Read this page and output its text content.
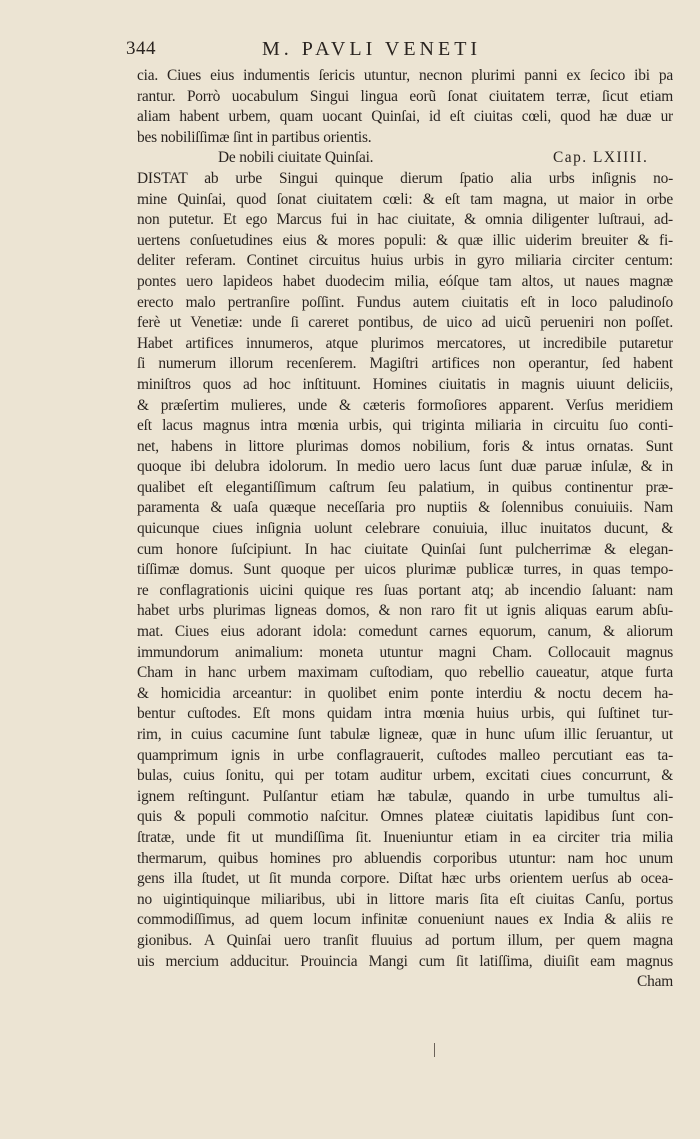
344	M. PAVLI VENETI
cia. Ciues eius indumentis ſericis utuntur, necnon plurimi panni ex ſecico ibi pa
rantur. Porrò uocabulum Singui lingua eorũ ſonat ciuitatem terræ, ſicut etiam
aliam habent urbem, quam uocant Quinſai, id eſt ciuitas cœli, quod hæ duæ ur
bes nobiliſſimæ ſint in partibus orientis.
De nobili ciuitate Quinſai.	Cap. LXIIII.
DISTAT ab urbe Singui quinque dierum ſpatio alia urbs inſignis no-
mine Quinſai, quod ſonat ciuitatem cœli: & eſt tam magna, ut maior in orbe
non putetur. Et ego Marcus fui in hac ciuitate, & omnia diligenter luſtraui, ad-
uertens conſuetudines eius & mores populi: & quæ illic uiderim breuiter & fi-
deliter referam. Continet circuitus huius urbis in gyro miliaria circiter centum:
pontes uero lapideos habet duodecim milia, eóſque tam altos, ut naues magnæ
erecto malo pertranſire poſſint. Fundus autem ciuitatis eſt in loco paludinoſo
ferè ut Venetiæ: unde ſi careret pontibus, de uico ad uicũ perueniri non poſſet.
Habet artifices innumeros, atque plurimos mercatores, ut incredibile putaretur
ſi numerum illorum recenſerem. Magiſtri artifices non operantur, ſed habent
miniſtros quos ad hoc inſtituunt. Homines ciuitatis in magnis uiuunt deliciis,
& præſertim mulieres, unde & cæteris formoſiores apparent. Verſus meridiem
eſt lacus magnus intra mœnia urbis, qui triginta miliaria in circuitu ſuo conti-
net, habens in littore plurimas domos nobilium, foris & intus ornatas. Sunt
quoque ibi delubra idolorum. In medio uero lacus ſunt duæ paruæ inſulæ, & in
qualibet eſt elegantiſſimum caſtrum ſeu palatium, in quibus continentur præ-
paramenta & uaſa quæque neceſſaria pro nuptiis & ſolennibus conuiuiis. Nam
quicunque ciues inſignia uolunt celebrare conuiuia, illuc inuitatos ducunt, &
cum honore ſuſcipiunt. In hac ciuitate Quinſai ſunt pulcherrimæ & elegan-
tiſſimæ domus. Sunt quoque per uicos plurimæ publicæ turres, in quas tempo-
re conflagrationis uicini quique res ſuas portant atq; ab incendio ſaluant: nam
habet urbs plurimas ligneas domos, & non raro fit ut ignis aliquas earum abſu-
mat. Ciues eius adorant idola: comedunt carnes equorum, canum, & aliorum
immundorum animalium: moneta utuntur magni Cham. Collocauit magnus
Cham in hanc urbem maximam cuſtodiam, quo rebellio caueatur, atque furta
& homicidia arceantur: in quolibet enim ponte interdiu & noctu decem ha-
bentur cuſtodes. Eſt mons quidam intra mœnia huius urbis, qui ſuſtinet tur-
rim, in cuius cacumine ſunt tabulæ ligneæ, quæ in hunc uſum illic ſeruantur, ut
quamprimum ignis in urbe conflagrauerit, cuſtodes malleo percutiant eas ta-
bulas, cuius ſonitu, qui per totam auditur urbem, excitati ciues concurrunt, &
ignem reſtingunt. Pulſantur etiam hæ tabulæ, quando in urbe tumultus ali-
quis & populi commotio naſcitur. Omnes plateæ ciuitatis lapidibus ſunt con-
ſtratæ, unde fit ut mundiſſima ſit. Inueniuntur etiam in ea circiter tria milia
thermarum, quibus homines pro abluendis corporibus utuntur: nam hoc unum
gens illa ſtudet, ut ſit munda corpore. Diſtat hæc urbs orientem uerſus ab ocea-
no uigintiquinque miliaribus, ubi in littore maris ſita eſt ciuitas Canſu, portus
commodiſſimus, ad quem locum infinitæ conueniunt naues ex India & aliis re
gionibus. A Quinſai uero tranſit fluuius ad portum illum, per quem magna
uis mercium adducitur. Prouincia Mangi cum ſit latiſſima, diuiſit eam magnus
Cham
